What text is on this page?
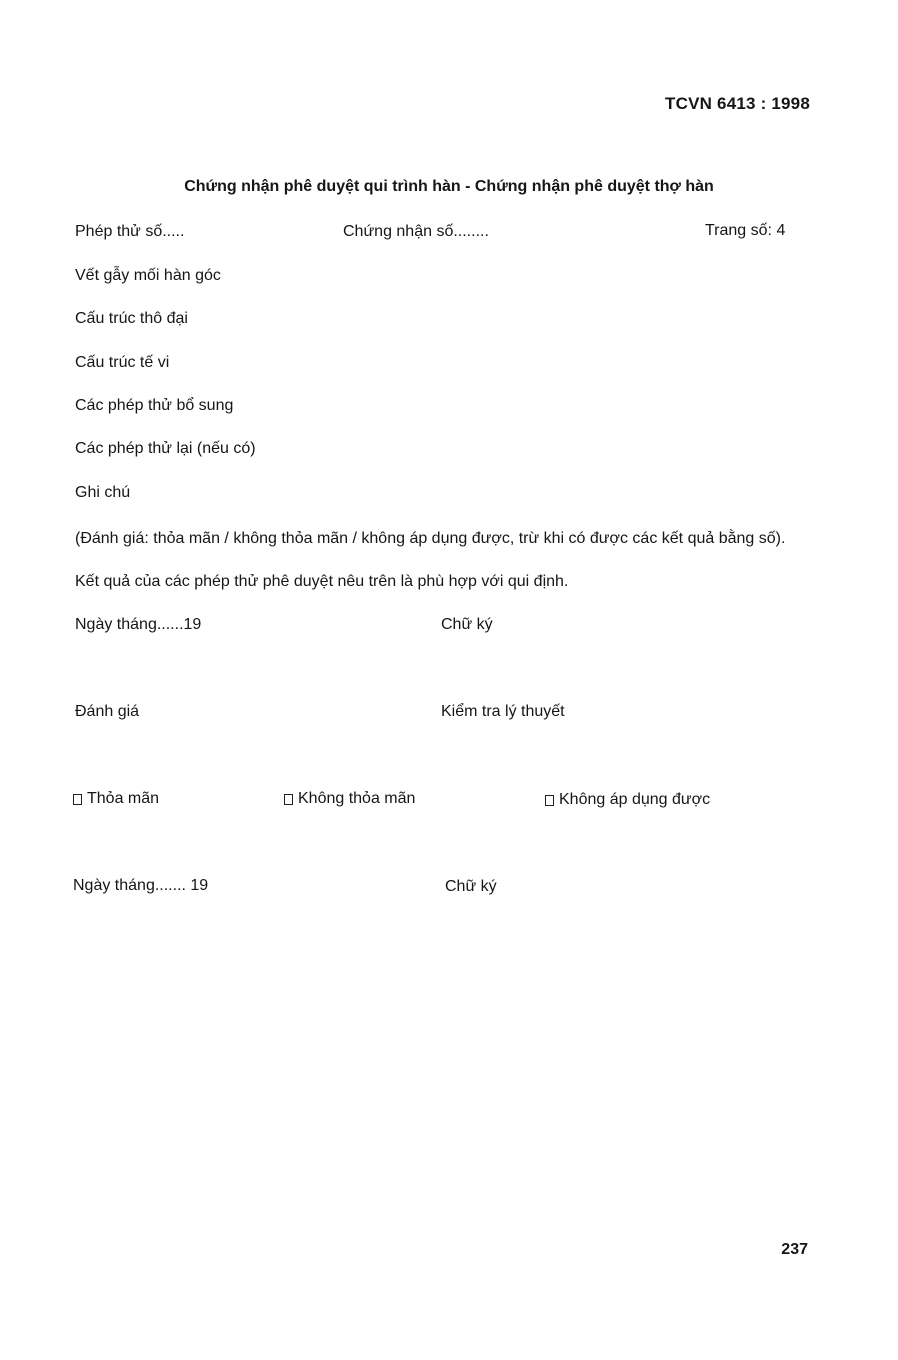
TCVN 6413 : 1998
Chứng nhận phê duyệt qui trình hàn - Chứng nhận phê duyệt thợ hàn
Phép thử số.....	Chứng nhận số........	Trang số: 4
Vết gẫy mối hàn góc
Cấu trúc thô đại
Cấu trúc tế vi
Các phép thử bổ sung
Các phép thử lại (nếu có)
Ghi chú
(Đánh giá: thỏa mãn / không thỏa mãn / không áp dụng được, trừ khi có được các kết quả bằng số).
Kết quả của các phép thử phê duyệt nêu trên là phù hợp với qui định.
Ngày tháng......19	Chữ ký
Đánh giá	Kiểm tra lý thuyết
Thỏa mãn	Không thỏa mãn	Không áp dụng được
Ngày tháng....... 19	Chữ ký
237
